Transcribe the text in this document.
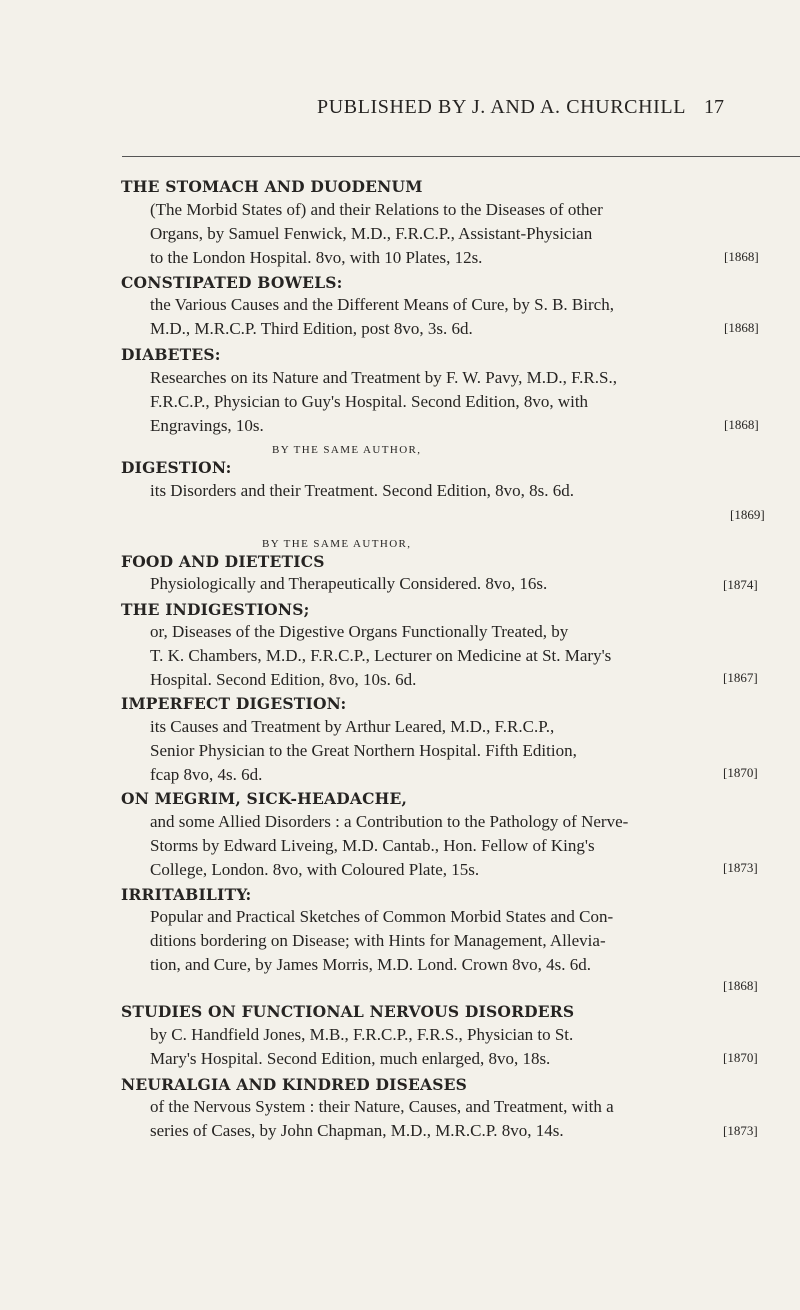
PUBLISHED BY J. AND A. CHURCHILL 17
THE STOMACH AND DUODENUM
(The Morbid States of) and their Relations to the Diseases of other
Organs, by Samuel Fenwick, M.D., F.R.C.P., Assistant-Physician
to the London Hospital. 8vo, with 10 Plates, 12s.	[1868]
CONSTIPATED BOWELS:
the Various Causes and the Different Means of Cure, by S. B. Birch,
M.D., M.R.C.P. Third Edition, post 8vo, 3s. 6d.	[1868]
DIABETES:
Researches on its Nature and Treatment by F. W. Pavy, M.D., F.R.S.,
F.R.C.P., Physician to Guy's Hospital. Second Edition, 8vo, with
Engravings, 10s.	[1868]
BY THE SAME AUTHOR,
DIGESTION:
its Disorders and their Treatment. Second Edition, 8vo, 8s. 6d.
[1869]
BY THE SAME AUTHOR,
FOOD AND DIETETICS
Physiologically and Therapeutically Considered. 8vo, 16s.	[1874]
THE INDIGESTIONS;
or, Diseases of the Digestive Organs Functionally Treated, by
T. K. Chambers, M.D., F.R.C.P., Lecturer on Medicine at St. Mary's
Hospital. Second Edition, 8vo, 10s. 6d.	[1867]
IMPERFECT DIGESTION:
its Causes and Treatment by Arthur Leared, M.D., F.R.C.P.,
Senior Physician to the Great Northern Hospital. Fifth Edition,
fcap 8vo, 4s. 6d.	[1870]
ON MEGRIM, SICK-HEADACHE,
and some Allied Disorders : a Contribution to the Pathology of Nerve-
Storms by Edward Liveing, M.D. Cantab., Hon. Fellow of King's
College, London. 8vo, with Coloured Plate, 15s.	[1873]
IRRITABILITY:
Popular and Practical Sketches of Common Morbid States and Con-
ditions bordering on Disease; with Hints for Management, Allevia-
tion, and Cure, by James Morris, M.D. Lond. Crown 8vo, 4s. 6d.
[1868]
STUDIES ON FUNCTIONAL NERVOUS DISORDERS
by C. Handfield Jones, M.B., F.R.C.P., F.R.S., Physician to St.
Mary's Hospital. Second Edition, much enlarged, 8vo, 18s.	[1870]
NEURALGIA AND KINDRED DISEASES
of the Nervous System : their Nature, Causes, and Treatment, with a
series of Cases, by John Chapman, M.D., M.R.C.P. 8vo, 14s.	[1873]
